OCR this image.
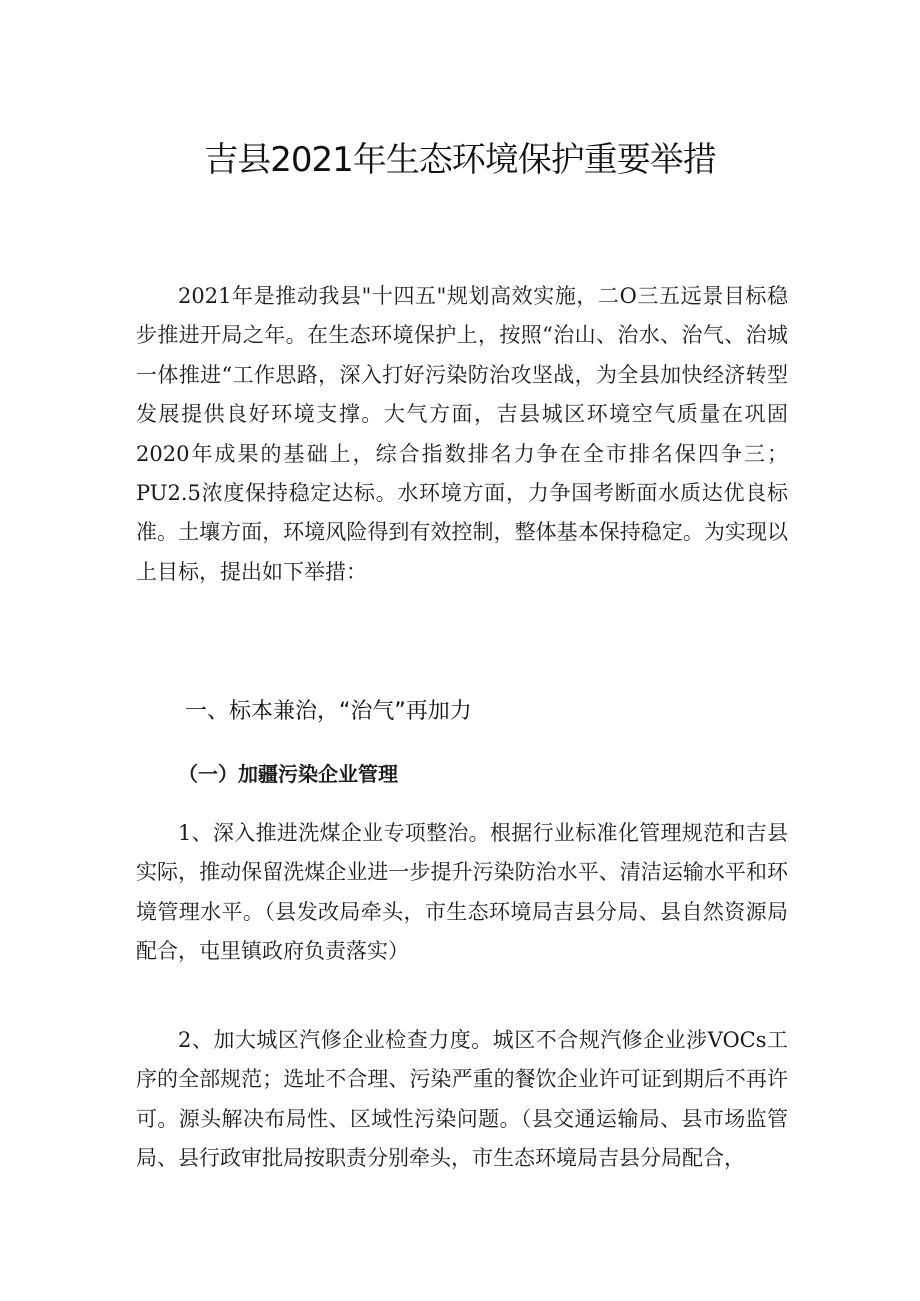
吉县2021年生态环境保护重要举措

2021年是推动我县"十四五"规划高效实施，二O三五远景目标稳步推进开局之年。在生态环境保护上，按照“治山、治水、治气、治城一体推进“工作思路，深入打好污染防治攻坚战，为全县加快经济转型发展提供良好环境支撑。大气方面，吉县城区环境空气质量在巩固2020年成果的基础上，综合指数排名力争在全市排名保四争三；PU2.5浓度保持稳定达标。水环境方面，力争国考断面水质达优良标准。土壤方面，环境风险得到有效控制，整体基本保持稳定。为实现以上目标，提出如下举措：

一、标本兼治，“治气”再加力
（一）加疆污染企业管理

1、深入推进洗煤企业专项整治。根据行业标准化管理规范和吉县实际，推动保留洗煤企业进一步提升污染防治水平、清洁运输水平和环境管理水平。（县发改局牵头，市生态环境局吉县分局、县自然资源局配合，屯里镇政府负责落实）

2、加大城区汽修企业检查力度。城区不合规汽修企业涉VOCs工序的全部规范；选址不合理、污染严重的餐饮企业许可证到期后不再许可。源头解决布局性、区域性污染问题。（县交通运输局、县市场监管局、县行政审批局按职责分别牵头，市生态环境局吉县分局配合，
